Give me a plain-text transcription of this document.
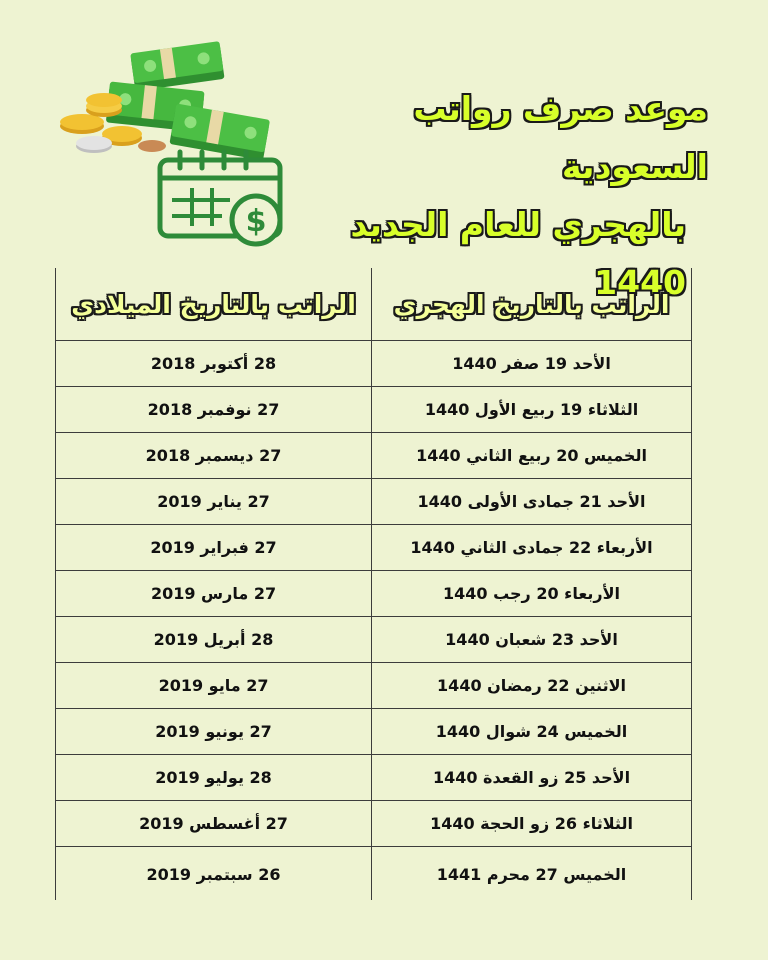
$
موعد صرف رواتب السعودية
بالهجري للعام الجديد 1440
الراتب بالتاريخ الهجري
الراتب بالتاريخ الميلادي
الأحد 19 صفر 1440
28 أكتوبر 2018
الثلاثاء 19 ربيع الأول 1440
27 نوفمبر 2018
الخميس 20 ربيع الثاني 1440
27 ديسمبر 2018
الأحد 21 جمادى الأولى 1440
27 يناير 2019
الأربعاء 22 جمادى الثاني 1440
27 فبراير 2019
الأربعاء 20 رجب 1440
27 مارس 2019
الأحد 23 شعبان 1440
28 أبريل 2019
الاثنين 22 رمضان 1440
27 مايو 2019
الخميس 24 شوال 1440
27 يونيو 2019
الأحد 25 زو القعدة 1440
28 يوليو 2019
الثلاثاء 26 زو الحجة 1440
27 أغسطس 2019
الخميس 27 محرم 1441
26 سبتمبر 2019
